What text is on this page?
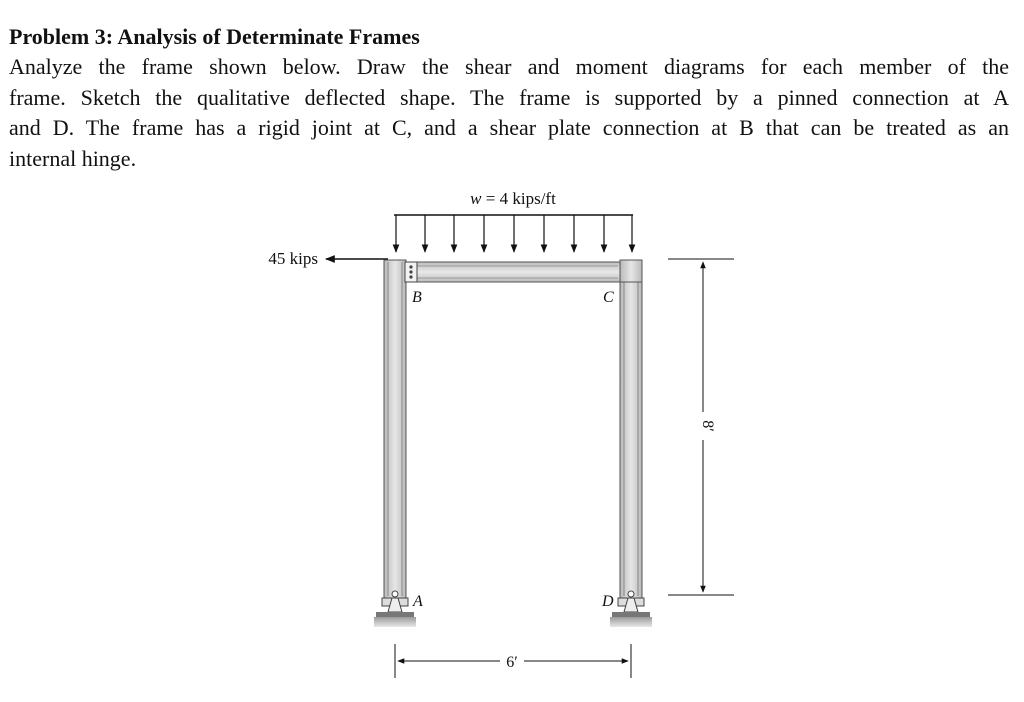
Problem 3: Analysis of Determinate Frames

Analyze the frame shown below. Draw the shear and moment diagrams for each member of the
frame. Sketch the qualitative deflected shape. The frame is supported by a pinned connection at A
and D. The frame has a rigid joint at C, and a shear plate connection at B that can be treated as an
internal hinge.

w = 4 kips/ft
45 kips
B	C
A	D
8′
6′
